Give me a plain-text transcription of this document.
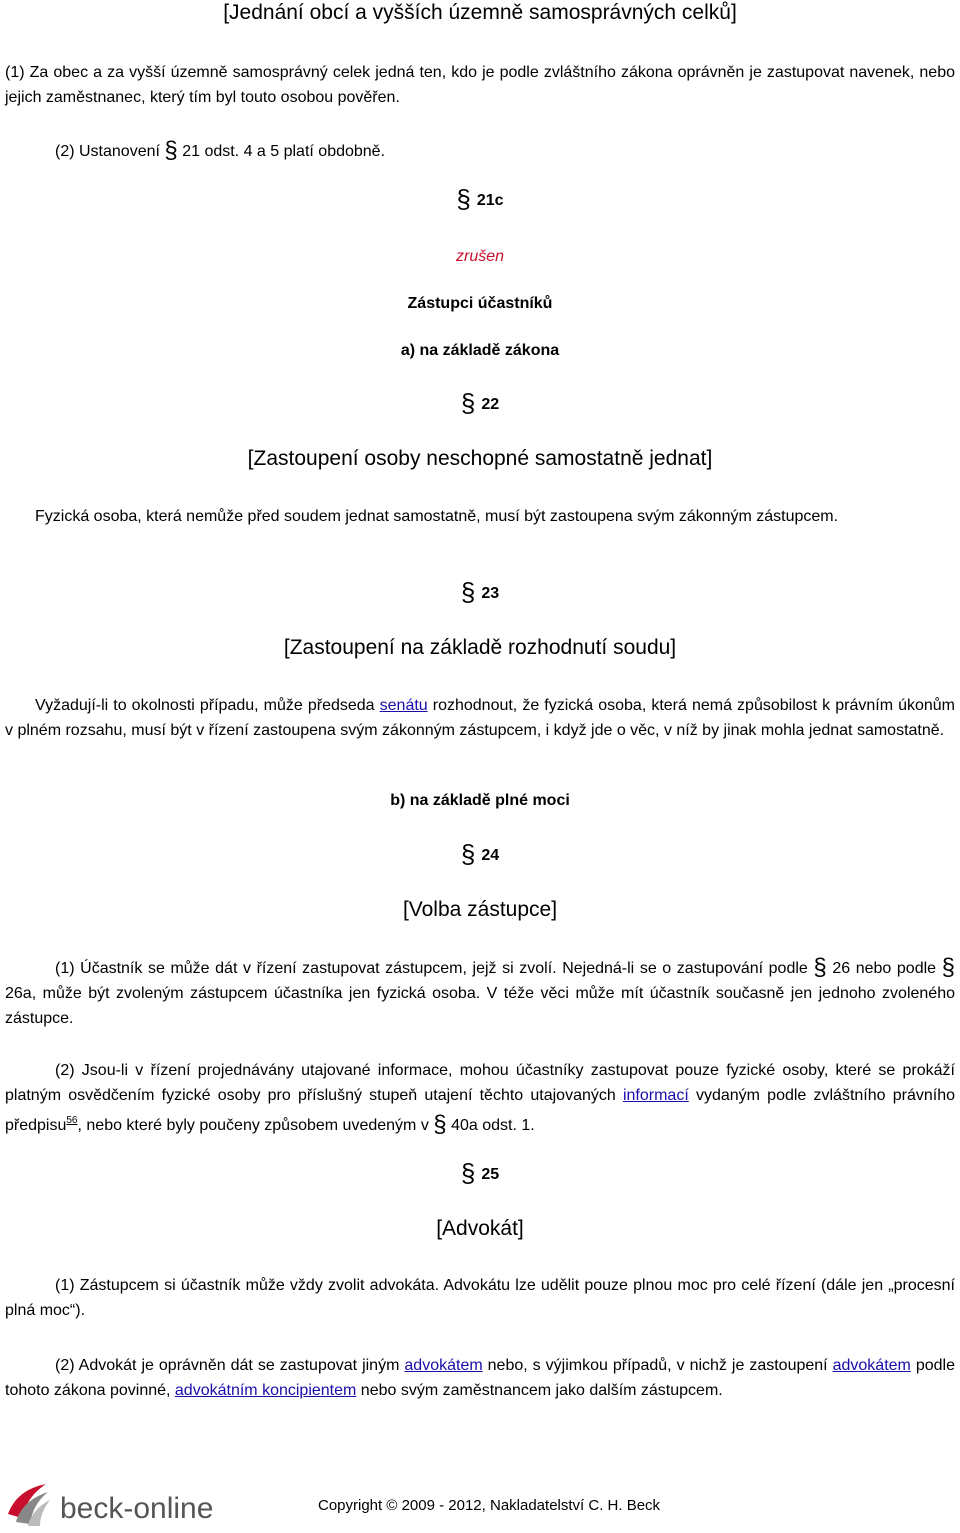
[Jednání obcí a vyšších územně samosprávných celků]

(1) Za obec a za vyšší územně samosprávný celek jedná ten, kdo je podle zvláštního zákona oprávněn je zastupovat navenek, nebo jejich zaměstnanec, který tím byl touto osobou pověřen.

(2) Ustanovení § 21 odst. 4 a 5 platí obdobně.

§ 21c
zrušen
Zástupci účastníků
a) na základě zákona
§ 22
[Zastoupení osoby neschopné samostatně jednat]

Fyzická osoba, která nemůže před soudem jednat samostatně, musí být zastoupena svým zákonným zástupcem.

§ 23
[Zastoupení na základě rozhodnutí soudu]

Vyžadují-li to okolnosti případu, může předseda senátu rozhodnout, že fyzická osoba, která nemá způsobilost k právním úkonům v plném rozsahu, musí být v řízení zastoupena svým zákonným zástupcem, i když jde o věc, v níž by jinak mohla jednat samostatně.

b) na základě plné moci
§ 24
[Volba zástupce]

(1) Účastník se může dát v řízení zastupovat zástupcem, jejž si zvolí. Nejedná-li se o zastupování podle § 26 nebo podle § 26a, může být zvoleným zástupcem účastníka jen fyzická osoba. V téže věci může mít účastník současně jen jednoho zvoleného zástupce.

(2) Jsou-li v řízení projednávány utajované informace, mohou účastníky zastupovat pouze fyzické osoby, které se prokáží platným osvědčením fyzické osoby pro příslušný stupeň utajení těchto utajovaných informací vydaným podle zvláštního právního předpisu$^{56}$, nebo které byly poučeny způsobem uvedeným v § 40a odst. 1.

§ 25
[Advokát]

(1) Zástupcem si účastník může vždy zvolit advokáta. Advokátu lze udělit pouze plnou moc pro celé řízení (dále jen „procesní plná moc“).

(2) Advokát je oprávněn dát se zastupovat jiným advokátem nebo, s výjimkou případů, v nichž je zastoupení advokátem podle tohoto zákona povinné, advokátním koncipientem nebo svým zaměstnancem jako dalším zástupcem.

beck-online	Copyright © 2009 - 2012, Nakladatelství C. H. Beck
